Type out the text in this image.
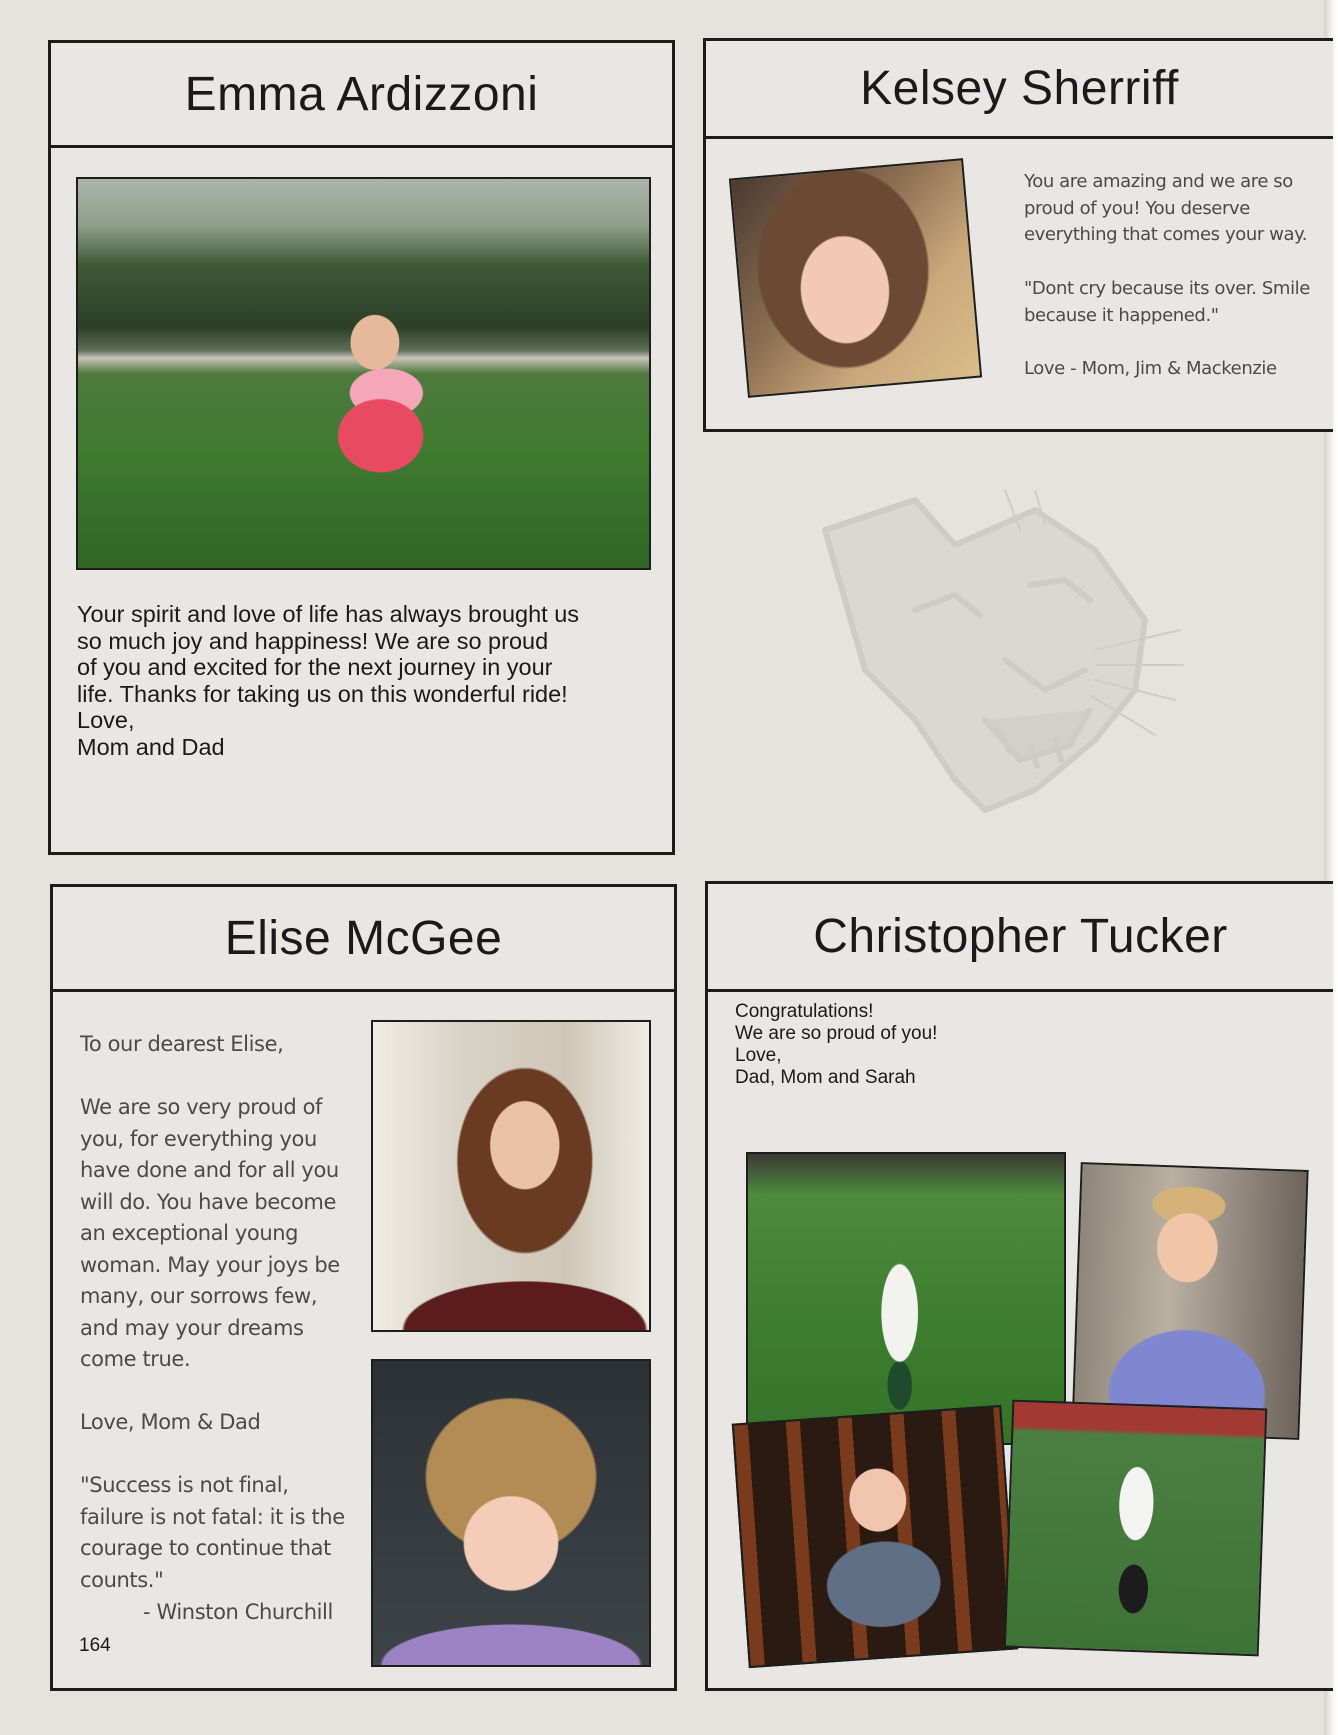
Emma Ardizzoni
Your spirit and love of life has always brought us
so much joy and happiness! We are so proud
of you and excited for the next journey in your
life. Thanks for taking us on this wonderful ride!
Love,
Mom and Dad
Kelsey Sherriff
You are amazing and we are so
proud of you! You deserve
everything that comes your way.
"Dont cry because its over. Smile
because it happened."
Love - Mom, Jim & Mackenzie
Elise McGee
To our dearest Elise,
We are so very proud of
you, for everything you
have done and for all you
will do. You have become
an exceptional young
woman. May your joys be
many, our sorrows few,
and may your dreams
come true.
Love, Mom & Dad
"Success is not final,
failure is not fatal: it is the
courage to continue that
counts."
- Winston Churchill
164
Christopher Tucker
Congratulations!
We are so proud of you!
Love,
Dad, Mom and Sarah
